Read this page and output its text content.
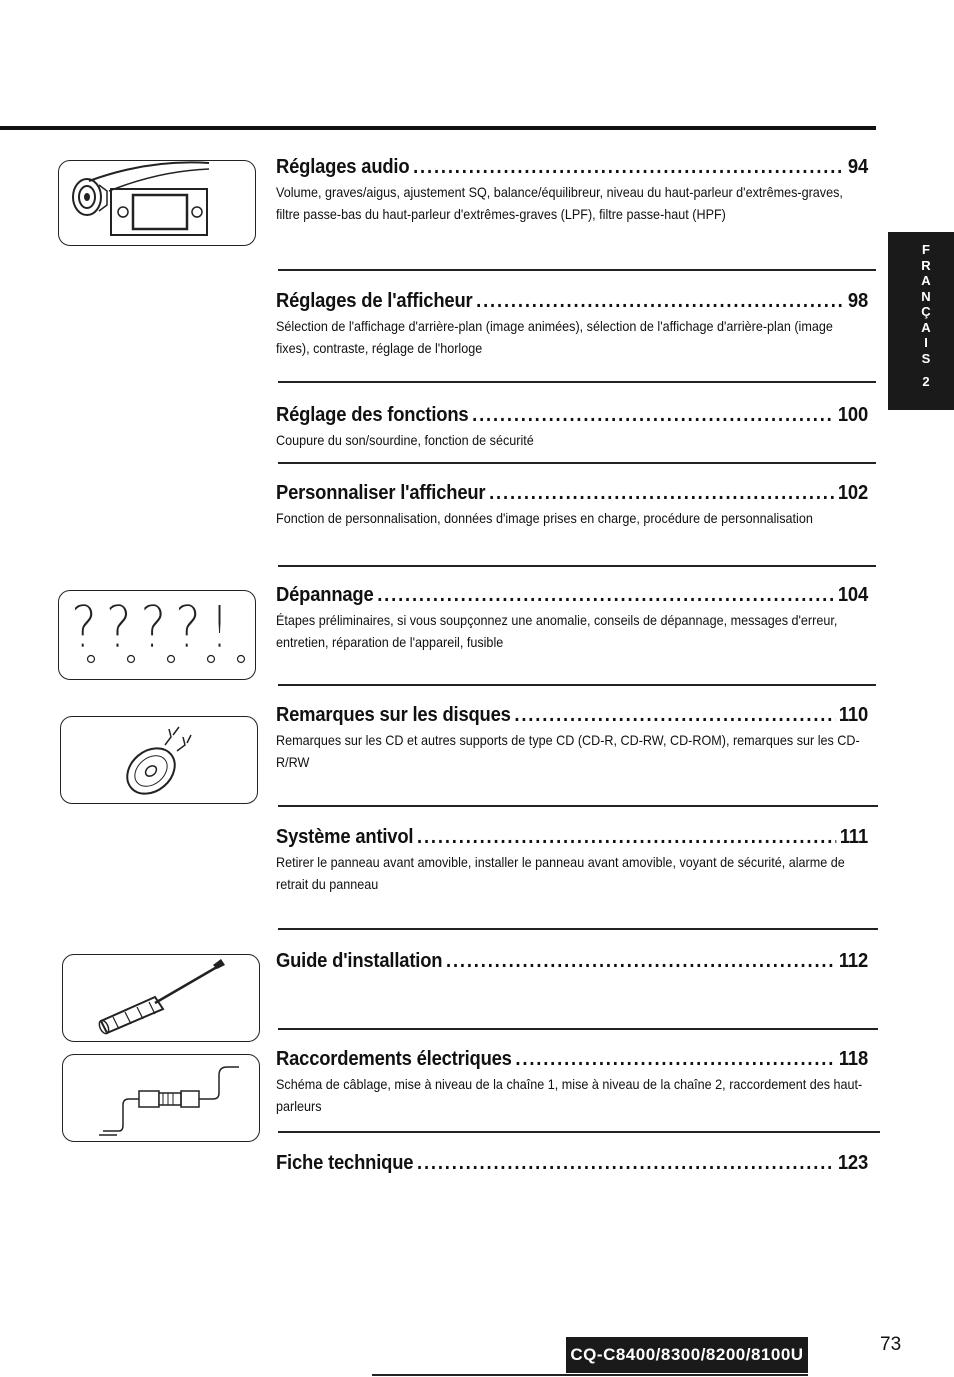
F
R
A
N
Ç
A
I
S
2
????!
Réglages audio .....	94
Volume, graves/aigus, ajustement SQ, balance/équilibreur, niveau du haut-parleur d'extrêmes-graves, filtre passe-bas du haut-parleur d'extrêmes-graves (LPF), filtre passe-haut (HPF)
Réglages de l'afficheur .....	98
Sélection de l'affichage d'arrière-plan (image animées), sélection de l'affichage d'arrière-plan (image fixes), contraste, réglage de l'horloge
Réglage des fonctions .....	100
Coupure du son/sourdine, fonction de sécurité
Personnaliser l'afficheur .....	102
Fonction de personnalisation, données d'image prises en charge, procédure de personnalisation
Dépannage .....	104
Étapes préliminaires, si vous soupçonnez une anomalie, conseils de dépannage, messages d'erreur, entretien, réparation de l'appareil, fusible
Remarques sur les disques .....	110
Remarques sur les CD et autres supports de type CD (CD-R, CD-RW, CD-ROM), remarques sur les CD-R/RW
Système antivol .....	111
Retirer le panneau avant amovible, installer le panneau avant amovible, voyant de sécurité, alarme de retrait du panneau
Guide d'installation .....	112
Raccordements électriques .....	118
Schéma de câblage, mise à niveau de la chaîne 1, mise à niveau de la chaîne 2, raccordement des haut-parleurs
Fiche technique .....	123
CQ-C8400/8300/8200/8100U	73
